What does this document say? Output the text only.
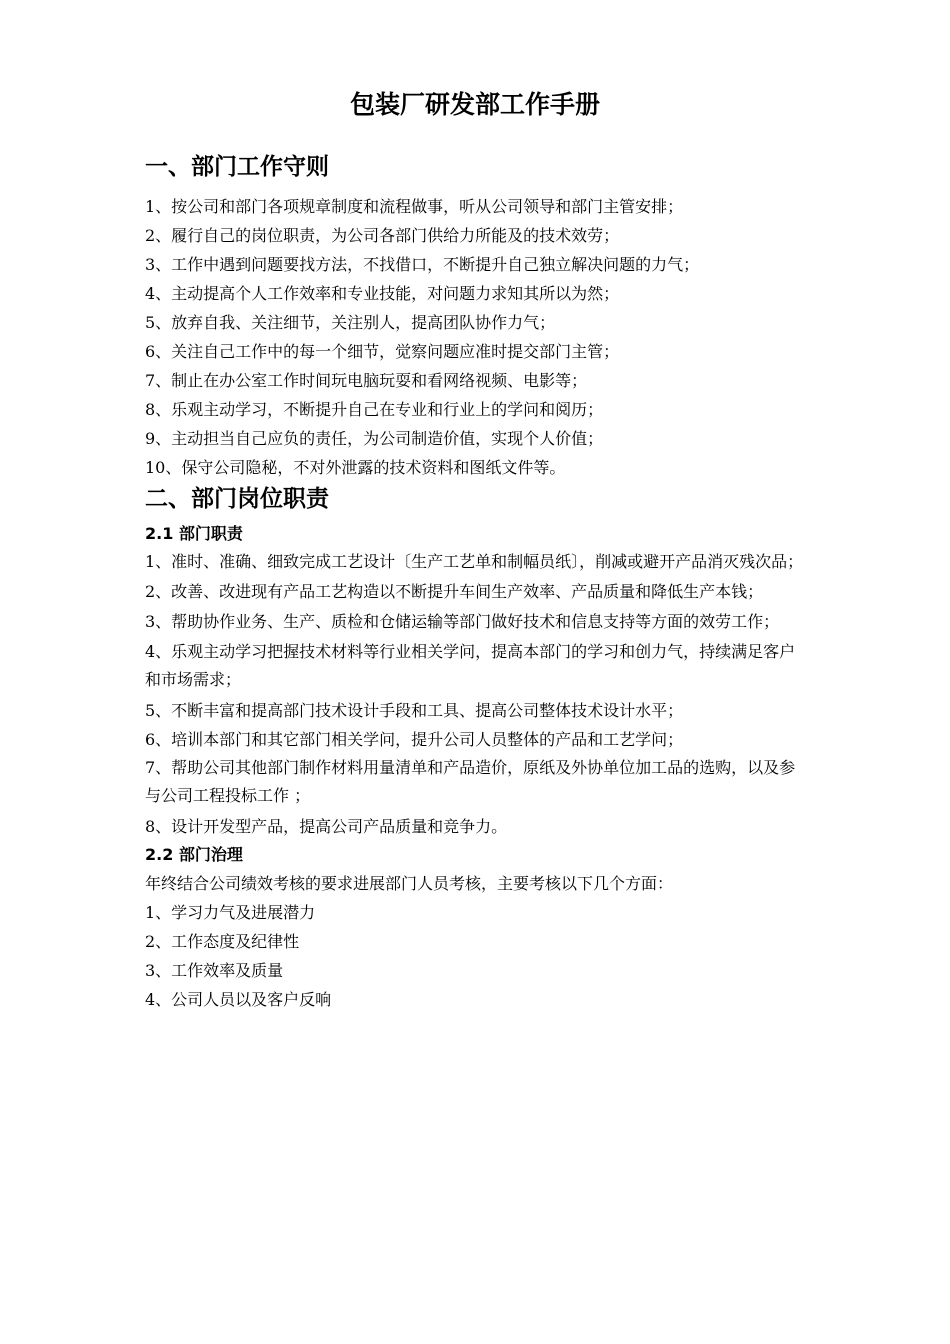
包装厂研发部工作手册
一、部门工作守则

1、按公司和部门各项规章制度和流程做事，听从公司领导和部门主管安排；

2、履行自己的岗位职责，为公司各部门供给力所能及的技术效劳；

3、工作中遇到问题要找方法，不找借口，不断提升自己独立解决问题的力气；

4、主动提高个人工作效率和专业技能，对问题力求知其所以为然；

5、放弃自我、关注细节，关注别人，提高团队协作力气；

6、关注自己工作中的每一个细节，觉察问题应准时提交部门主管；

7、制止在办公室工作时间玩电脑玩耍和看网络视频、电影等；

8、乐观主动学习，不断提升自己在专业和行业上的学问和阅历；

9、主动担当自己应负的责任，为公司制造价值，实现个人价值；

10、保守公司隐秘，不对外泄露的技术资料和图纸文件等。

二、部门岗位职责
2.1 部门职责

1、准时、准确、细致完成工艺设计〔生产工艺单和制幅员纸〕，削减或避开产品消灭残次品；

2、改善、改进现有产品工艺构造以不断提升车间生产效率、产品质量和降低生产本钱；

3、帮助协作业务、生产、质检和仓储运输等部门做好技术和信息支持等方面的效劳工作；

4、乐观主动学习把握技术材料等行业相关学问，提高本部门的学习和创力气，持续满足客户和市场需求；

5、不断丰富和提高部门技术设计手段和工具、提高公司整体技术设计水平；

6、培训本部门和其它部门相关学问，提升公司人员整体的产品和工艺学问；

7、帮助公司其他部门制作材料用量清单和产品造价，原纸及外协单位加工品的选购，以及参与公司工程投标工作 ；

8、设计开发型产品，提高公司产品质量和竞争力。

2.2 部门治理

年终结合公司绩效考核的要求进展部门人员考核，主要考核以下几个方面：

1、学习力气及进展潜力

2、工作态度及纪律性

3、工作效率及质量

4、公司人员以及客户反响
